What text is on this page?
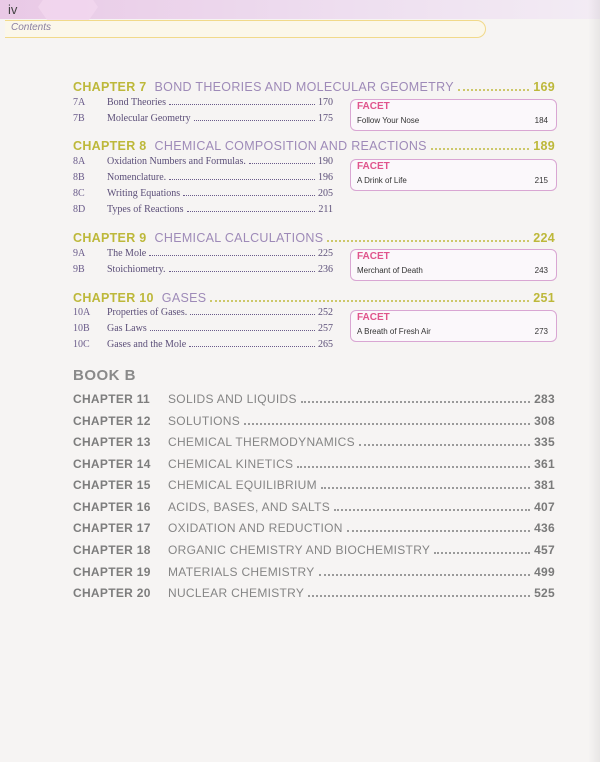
iv
Contents
CHAPTER 7 BOND THEORIES AND MOLECULAR GEOMETRY	169
7A	Bond Theories	170
7B	Molecular Geometry	175
FACET
Follow Your Nose	184
CHAPTER 8 CHEMICAL COMPOSITION AND REACTIONS	189
8A	Oxidation Numbers and Formulas.	190
8B	Nomenclature.	196
8C	Writing Equations	205
8D	Types of Reactions	211
FACET
A Drink of Life	215
CHAPTER 9 CHEMICAL CALCULATIONS	224
9A	The Mole	225
9B	Stoichiometry.	236
FACET
Merchant of Death	243
CHAPTER 10 GASES	251
10A	Properties of Gases.	252
10B	Gas Laws	257
10C	Gases and the Mole	265
FACET
A Breath of Fresh Air	273
BOOK B
CHAPTER 11	SOLIDS AND LIQUIDS	283
CHAPTER 12	SOLUTIONS	308
CHAPTER 13	CHEMICAL THERMODYNAMICS	335
CHAPTER 14	CHEMICAL KINETICS	361
CHAPTER 15	CHEMICAL EQUILIBRIUM	381
CHAPTER 16	ACIDS, BASES, AND SALTS	407
CHAPTER 17	OXIDATION AND REDUCTION	436
CHAPTER 18	ORGANIC CHEMISTRY AND BIOCHEMISTRY	457
CHAPTER 19	MATERIALS CHEMISTRY	499
CHAPTER 20	NUCLEAR CHEMISTRY	525
